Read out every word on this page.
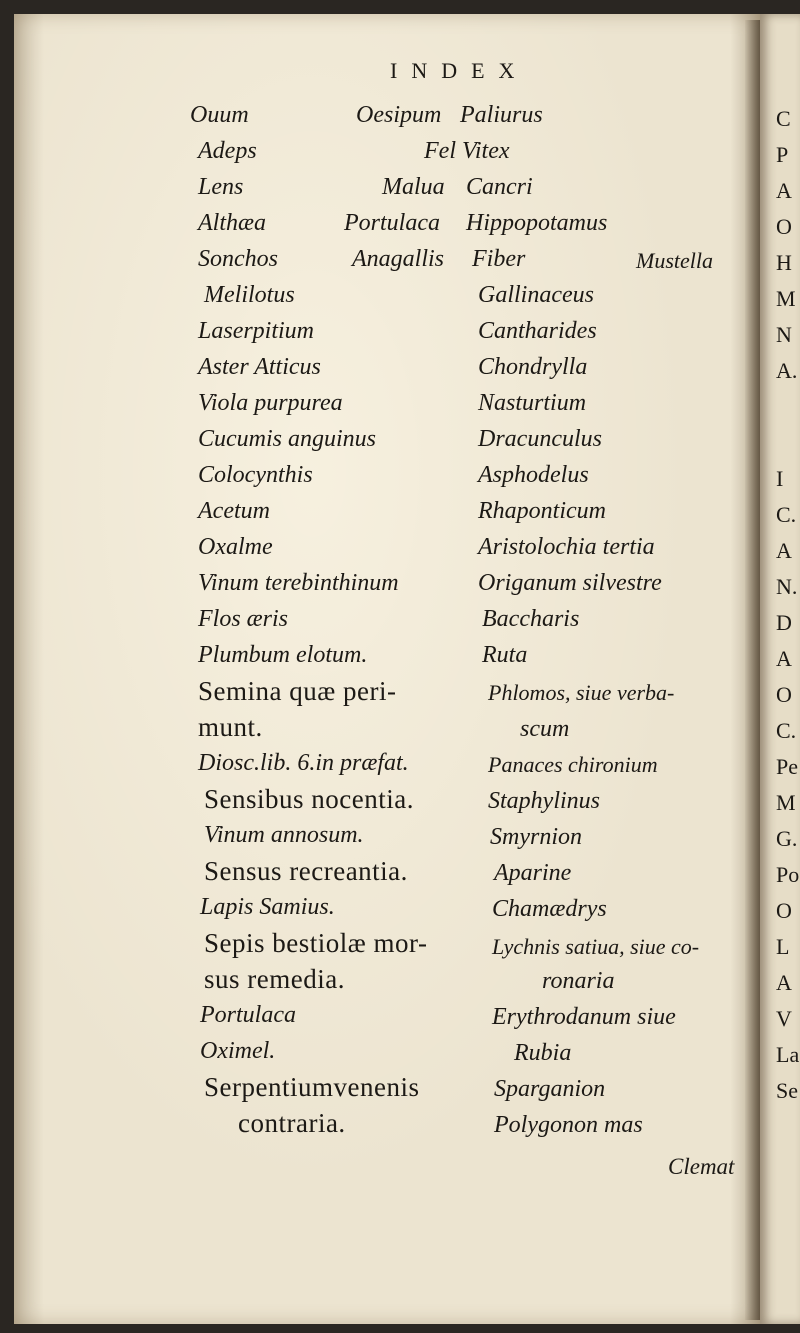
INDEX
Ouum
Adeps
Lens
Althæa
Sonchos
Melilotus
Laserpitium
Aster Atticus
Viola purpurea
Cucumis anguinus
Colocynthis
Acetum
Oxalme
Vinum terebinthinum
Flos æris
Plumbum elotum.
Semina quæ peri-
munt.
Diosc.lib. 6.in præfat.
Sensibus nocentia.
Vinum annosum.
Sensus recreantia.
Lapis Samius.
Sepis bestiolæ mor-
sus remedia.
Portulaca
Oximel.
Serpentiumvenenis
contraria.
Oesipum
Fel
Malua
Portulaca
Anagallis
Paliurus
Vitex
Cancri
Hippopotamus
Fiber	Mustella
Gallinaceus
Cantharides
Chondrylla
Nasturtium
Dracunculus
Asphodelus
Rhaponticum
Aristolochia tertia
Origanum silvestre
Baccharis
Ruta
Phlomos, siue verba-
scum
Panaces chironium
Staphylinus
Smyrnion
Aparine
Chamædrys
Lychnis satiua, siue co-
ronaria
Erythrodanum siue
Rubia
Sparganion
Polygonon mas
Clemat
C
P
A
O
H
M
N
A.
I
C.
A
N.
D
A
O
C.
Pe
M
G.
Po
O
L
A
V
La
Se
